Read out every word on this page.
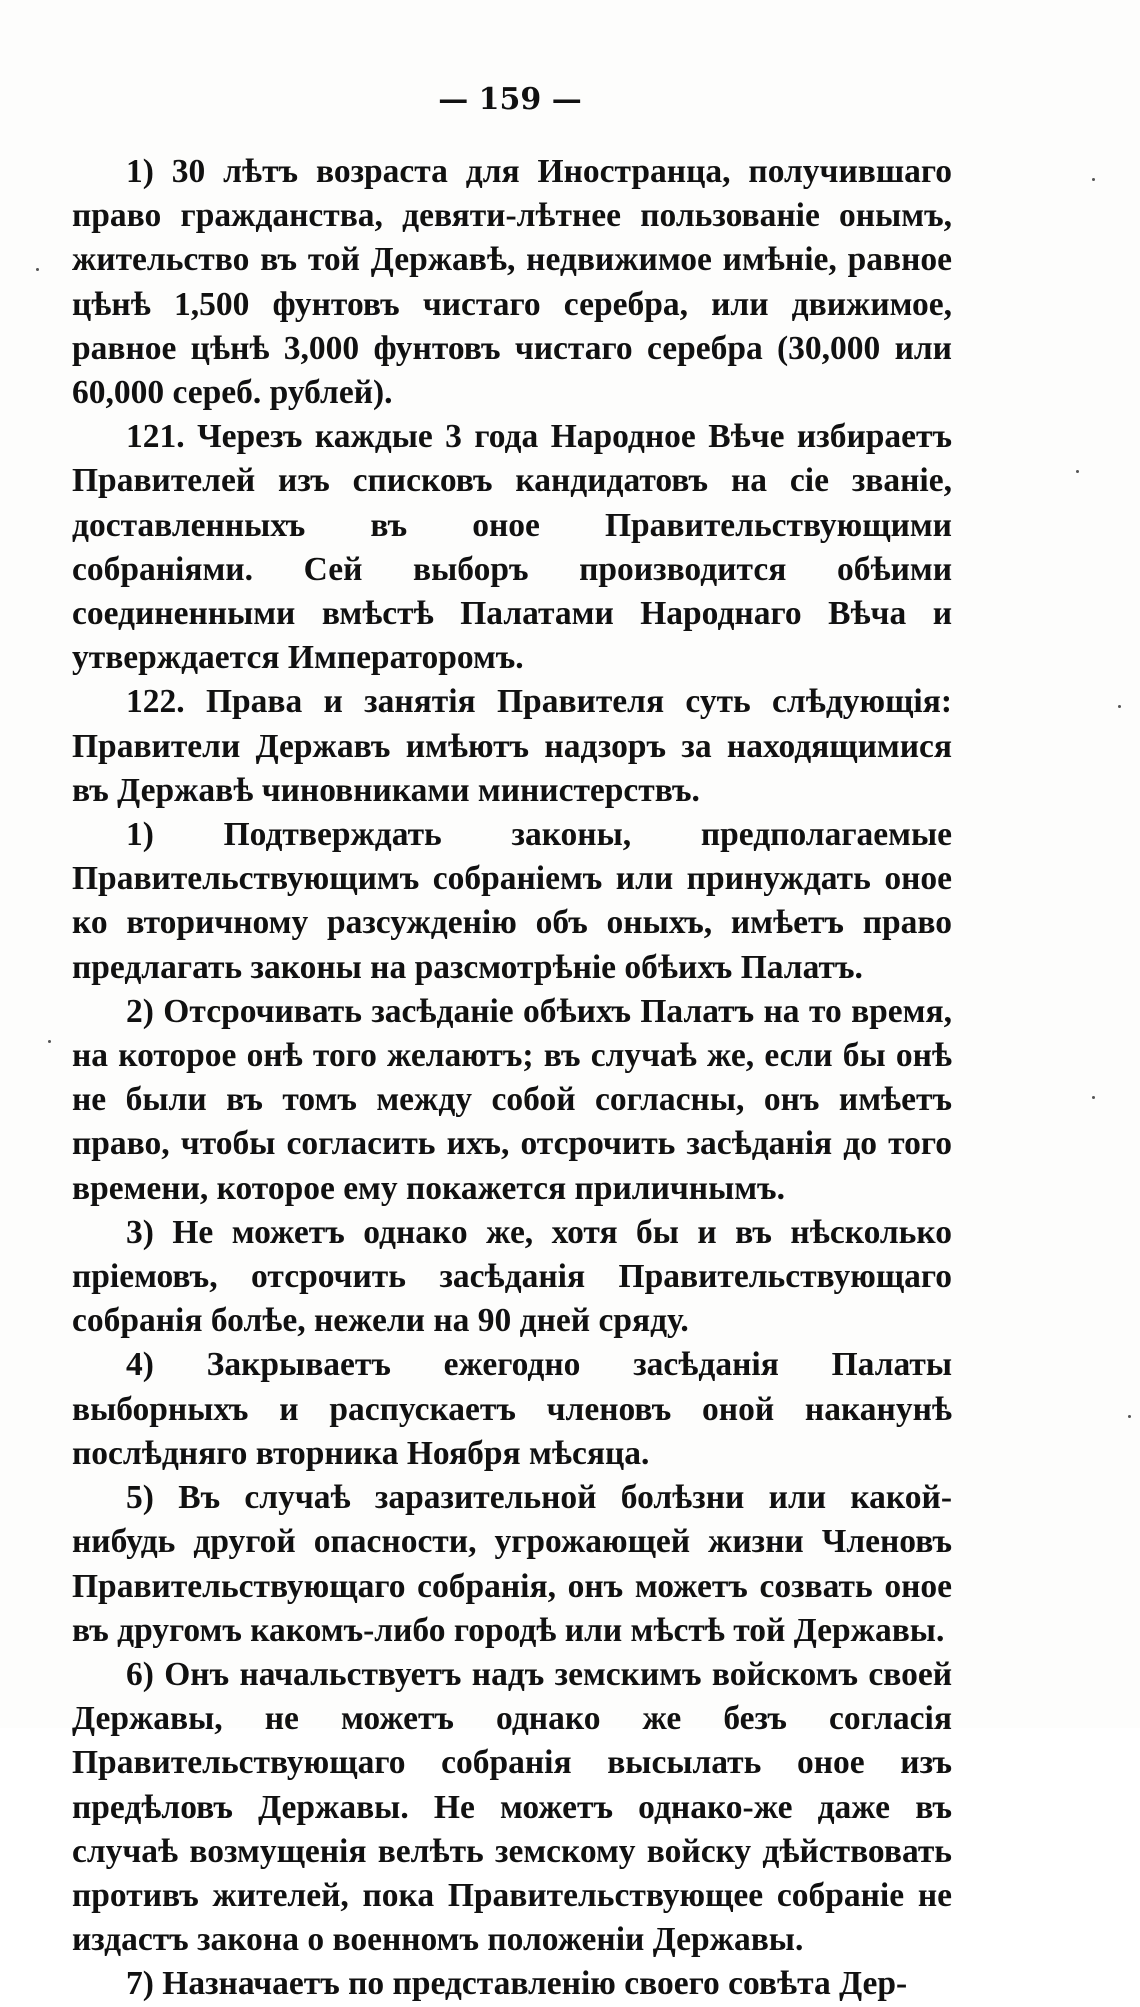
— 159 —

1) 30 лѣтъ возраста для Иностранца, получившаго право гражданства, девяти-лѣтнее пользованіе онымъ, жительство въ той Державѣ, недвижимое имѣніе, равное цѣнѣ 1,500 фунтовъ чистаго серебра, или движимое, равное цѣнѣ 3,000 фунтовъ чистаго серебра (30,000 или 60,000 сереб. рублей).

121. Черезъ каждые 3 года Народное Вѣче избираетъ Правителей изъ списковъ кандидатовъ на сіе званіе, доставленныхъ въ оное Правительствующими собраніями. Сей выборъ производится обѣими соединенными вмѣстѣ Палатами Народнаго Вѣча и утверждается Императоромъ.

122. Права и занятія Правителя суть слѣдующія: Правители Державъ имѣютъ надзоръ за находящимися въ Державѣ чиновниками министерствъ.

1) Подтверждать законы, предполагаемые Правительствующимъ собраніемъ или принуждать оное ко вторичному разсужденію объ оныхъ, имѣетъ право предлагать законы на разсмотрѣніе обѣихъ Палатъ.

2) Отсрочивать засѣданіе обѣихъ Палатъ на то время, на которое онѣ того желаютъ; въ случаѣ же, если бы онѣ не были въ томъ между собой согласны, онъ имѣетъ право, чтобы согласить ихъ, отсрочить засѣданія до того времени, которое ему покажется приличнымъ.

3) Не можетъ однако же, хотя бы и въ нѣсколько пріемовъ, отсрочить засѣданія Правительствующаго собранія болѣе, нежели на 90 дней сряду.

4) Закрываетъ ежегодно засѣданія Палаты выборныхъ и распускаетъ членовъ оной наканунѣ послѣдняго вторника Ноября мѣсяца.

5) Въ случаѣ заразительной болѣзни или какой-нибудь другой опасности, угрожающей жизни Членовъ Правительствующаго собранія, онъ можетъ созвать оное въ другомъ какомъ-либо городѣ или мѣстѣ той Державы.

6) Онъ начальствуетъ надъ земскимъ войскомъ своей Державы, не можетъ однако же безъ согласія Правительствующаго собранія высылать оное изъ предѣловъ Державы. Не можетъ однако-же даже въ случаѣ возмущенія велѣть земскому войску дѣйствовать противъ жителей, пока Правительствующее собраніе не издастъ закона о военномъ положеніи Державы.

7) Назначаетъ по представленію своего совѣта Дер-
